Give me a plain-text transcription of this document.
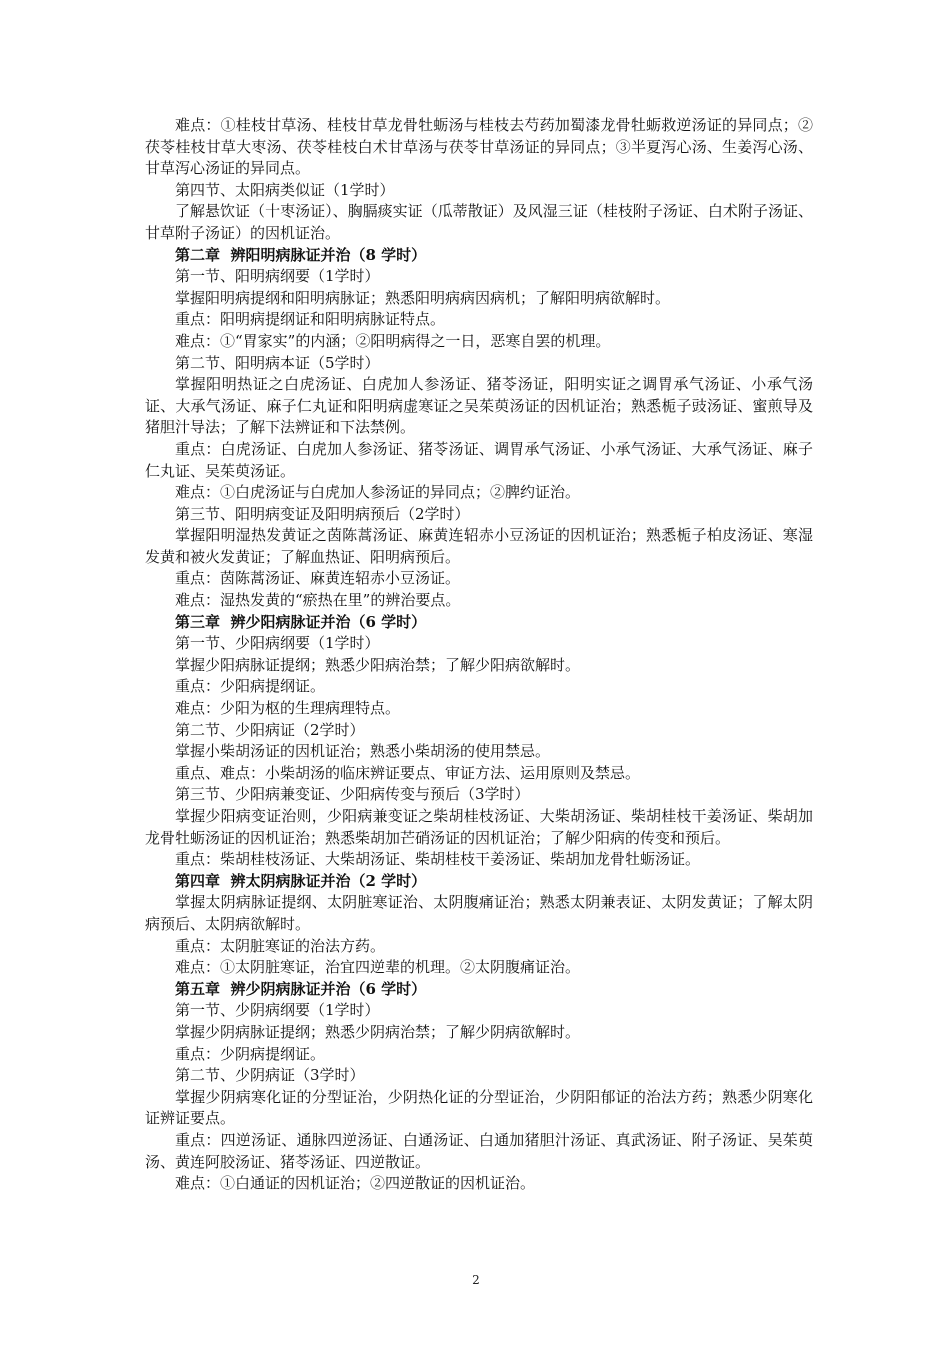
难点：①桂枝甘草汤、桂枝甘草龙骨牡蛎汤与桂枝去芍药加蜀漆龙骨牡蛎救逆汤证的异同点；②茯苓桂枝甘草大枣汤、茯苓桂枝白术甘草汤与茯苓甘草汤证的异同点；③半夏泻心汤、生姜泻心汤、甘草泻心汤证的异同点。

第四节、太阳病类似证（1学时）

了解悬饮证（十枣汤证）、胸膈痰实证（瓜蒂散证）及风湿三证（桂枝附子汤证、白术附子汤证、甘草附子汤证）的因机证治。

第二章  辨阳明病脉证并治（8 学时）

第一节、阳明病纲要（1学时）

掌握阳明病提纲和阳明病脉证；熟悉阳明病病因病机；了解阳明病欲解时。

重点：阳明病提纲证和阳明病脉证特点。

难点：①“胃家实”的内涵；②阳明病得之一日，恶寒自罢的机理。

第二节、阳明病本证（5学时）

掌握阳明热证之白虎汤证、白虎加人参汤证、猪苓汤证，阳明实证之调胃承气汤证、小承气汤证、大承气汤证、麻子仁丸证和阳明病虚寒证之吴茱萸汤证的因机证治；熟悉栀子豉汤证、蜜煎导及猪胆汁导法；了解下法辨证和下法禁例。

重点：白虎汤证、白虎加人参汤证、猪苓汤证、调胃承气汤证、小承气汤证、大承气汤证、麻子仁丸证、吴茱萸汤证。

难点：①白虎汤证与白虎加人参汤证的异同点；②脾约证治。

第三节、阳明病变证及阳明病预后（2学时）

掌握阳明湿热发黄证之茵陈蒿汤证、麻黄连轺赤小豆汤证的因机证治；熟悉栀子柏皮汤证、寒湿发黄和被火发黄证；了解血热证、阳明病预后。

重点：茵陈蒿汤证、麻黄连轺赤小豆汤证。

难点：湿热发黄的“瘀热在里”的辨治要点。

第三章  辨少阳病脉证并治（6 学时）

第一节、少阳病纲要（1学时）

掌握少阳病脉证提纲；熟悉少阳病治禁；了解少阳病欲解时。

重点：少阳病提纲证。

难点：少阳为枢的生理病理特点。

第二节、少阳病证（2学时）

掌握小柴胡汤证的因机证治；熟悉小柴胡汤的使用禁忌。

重点、难点：小柴胡汤的临床辨证要点、审证方法、运用原则及禁忌。

第三节、少阳病兼变证、少阳病传变与预后（3学时）

掌握少阳病变证治则，少阳病兼变证之柴胡桂枝汤证、大柴胡汤证、柴胡桂枝干姜汤证、柴胡加龙骨牡蛎汤证的因机证治；熟悉柴胡加芒硝汤证的因机证治；了解少阳病的传变和预后。

重点：柴胡桂枝汤证、大柴胡汤证、柴胡桂枝干姜汤证、柴胡加龙骨牡蛎汤证。

第四章  辨太阴病脉证并治（2 学时）

掌握太阴病脉证提纲、太阴脏寒证治、太阴腹痛证治；熟悉太阴兼表证、太阴发黄证；了解太阴病预后、太阴病欲解时。

重点：太阴脏寒证的治法方药。

难点：①太阴脏寒证，治宜四逆辈的机理。②太阴腹痛证治。

第五章  辨少阴病脉证并治（6 学时）

第一节、少阴病纲要（1学时）

掌握少阴病脉证提纲；熟悉少阴病治禁；了解少阴病欲解时。

重点：少阴病提纲证。

第二节、少阴病证（3学时）

掌握少阴病寒化证的分型证治，少阴热化证的分型证治，少阴阳郁证的治法方药；熟悉少阴寒化证辨证要点。

重点：四逆汤证、通脉四逆汤证、白通汤证、白通加猪胆汁汤证、真武汤证、附子汤证、吴茱萸汤、黄连阿胶汤证、猪苓汤证、四逆散证。

难点：①白通证的因机证治；②四逆散证的因机证治。

2
